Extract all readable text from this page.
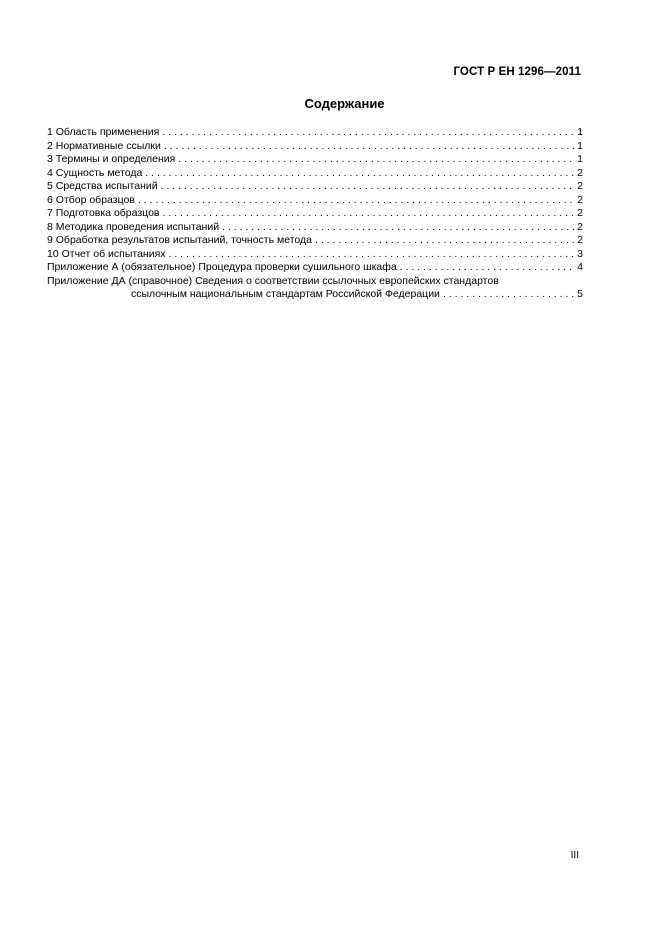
ГОСТ Р ЕН 1296—2011
Содержание
1 Область применения . . .	1
2 Нормативные ссылки . . .	1
3 Термины и определения . . .	1
4 Сущность метода . . .	2
5 Средства испытаний . . .	2
6 Отбор образцов . . .	2
7 Подготовка образцов . . .	2
8 Методика проведения испытаний . . .	2
9 Обработка результатов испытаний, точность метода . . .	2
10 Отчет об испытаниях . . .	3
Приложение А (обязательное) Процедура проверки сушильного шкафа . . .	4
Приложение ДА (справочное) Сведения о соответствии ссылочных европейских стандартов
ссылочным национальным стандартам Российской Федерации . . .	5
III
